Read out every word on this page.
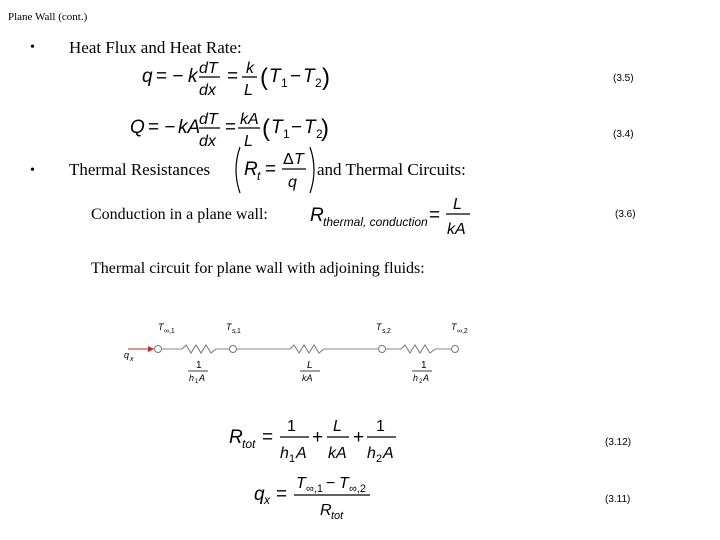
Plane Wall (cont.)
• Heat Flux and Heat Rate:
q = − k dT
dx
= k
L ( T 1 − T 2 )	(3.5)
Q = − kA
dT
dx
= kA
L ( T 1 − T 2
)	(3.4)
• Thermal Resistances R t = Δ T
q
and Thermal Circuits:
Conduction in a plane wall: R thermal, conduction =
L
kA
(3.6)
Thermal circuit for plane wall with adjoining fluids:
q x
T ∞,1	T s ,1	T s ,2	T ∞,2
1
h 1 A
L
kA
1
h 2 A
R tot =
1
h 1 A
+
L
kA
+
1
h 2 A
(3.12)
q x =
T ∞,1 − T ∞,2
R tot
(3.11)
